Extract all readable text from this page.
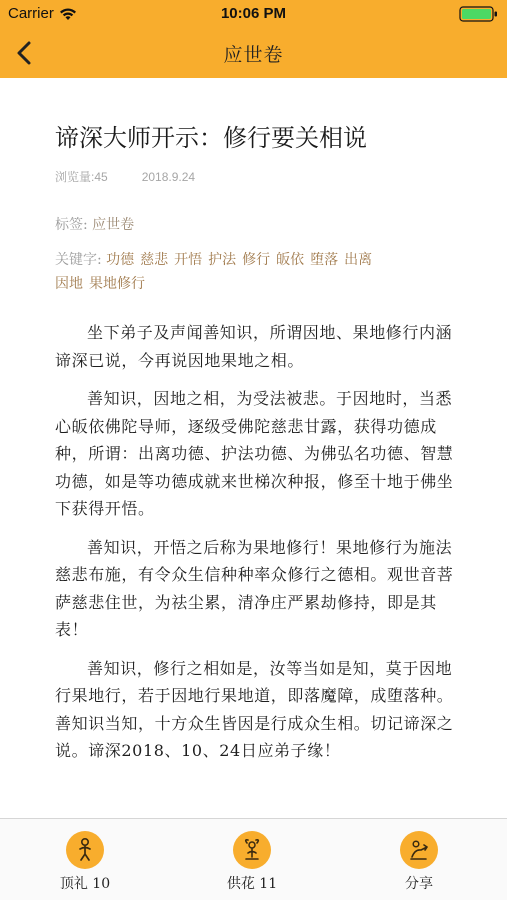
Carrier	10:06 PM
应世卷
谛深大师开示：修行要关相说
浏览量:45	2018.9.24
标签: 应世卷
关键字: 功德 慈悲 开悟 护法 修行 皈依 堕落 出离
因地 果地修行

坐下弟子及声闻善知识，所谓因地、果地修行内涵谛深已说，今再说因地果地之相。

善知识，因地之相，为受法被悲。于因地时，当悉心皈依佛陀导师，逐级受佛陀慈悲甘露，获得功德成种，所谓：出离功德、护法功德、为佛弘名功德、智慧功德，如是等功德成就来世梯次种报，修至十地于佛坐下获得开悟。

善知识，开悟之后称为果地修行！果地修行为施法慈悲布施，有令众生信种种率众修行之德相。观世音菩萨慈悲住世，为祛尘累，清净庄严累劫修持，即是其表！

善知识，修行之相如是，汝等当如是知，莫于因地行果地行，若于因地行果地道，即落魔障，成堕落种。善知识当知，十方众生皆因是行成众生相。切记谛深之说。谛深2018、10、24日应弟子缘！

顶礼 10	供花 11	分享
